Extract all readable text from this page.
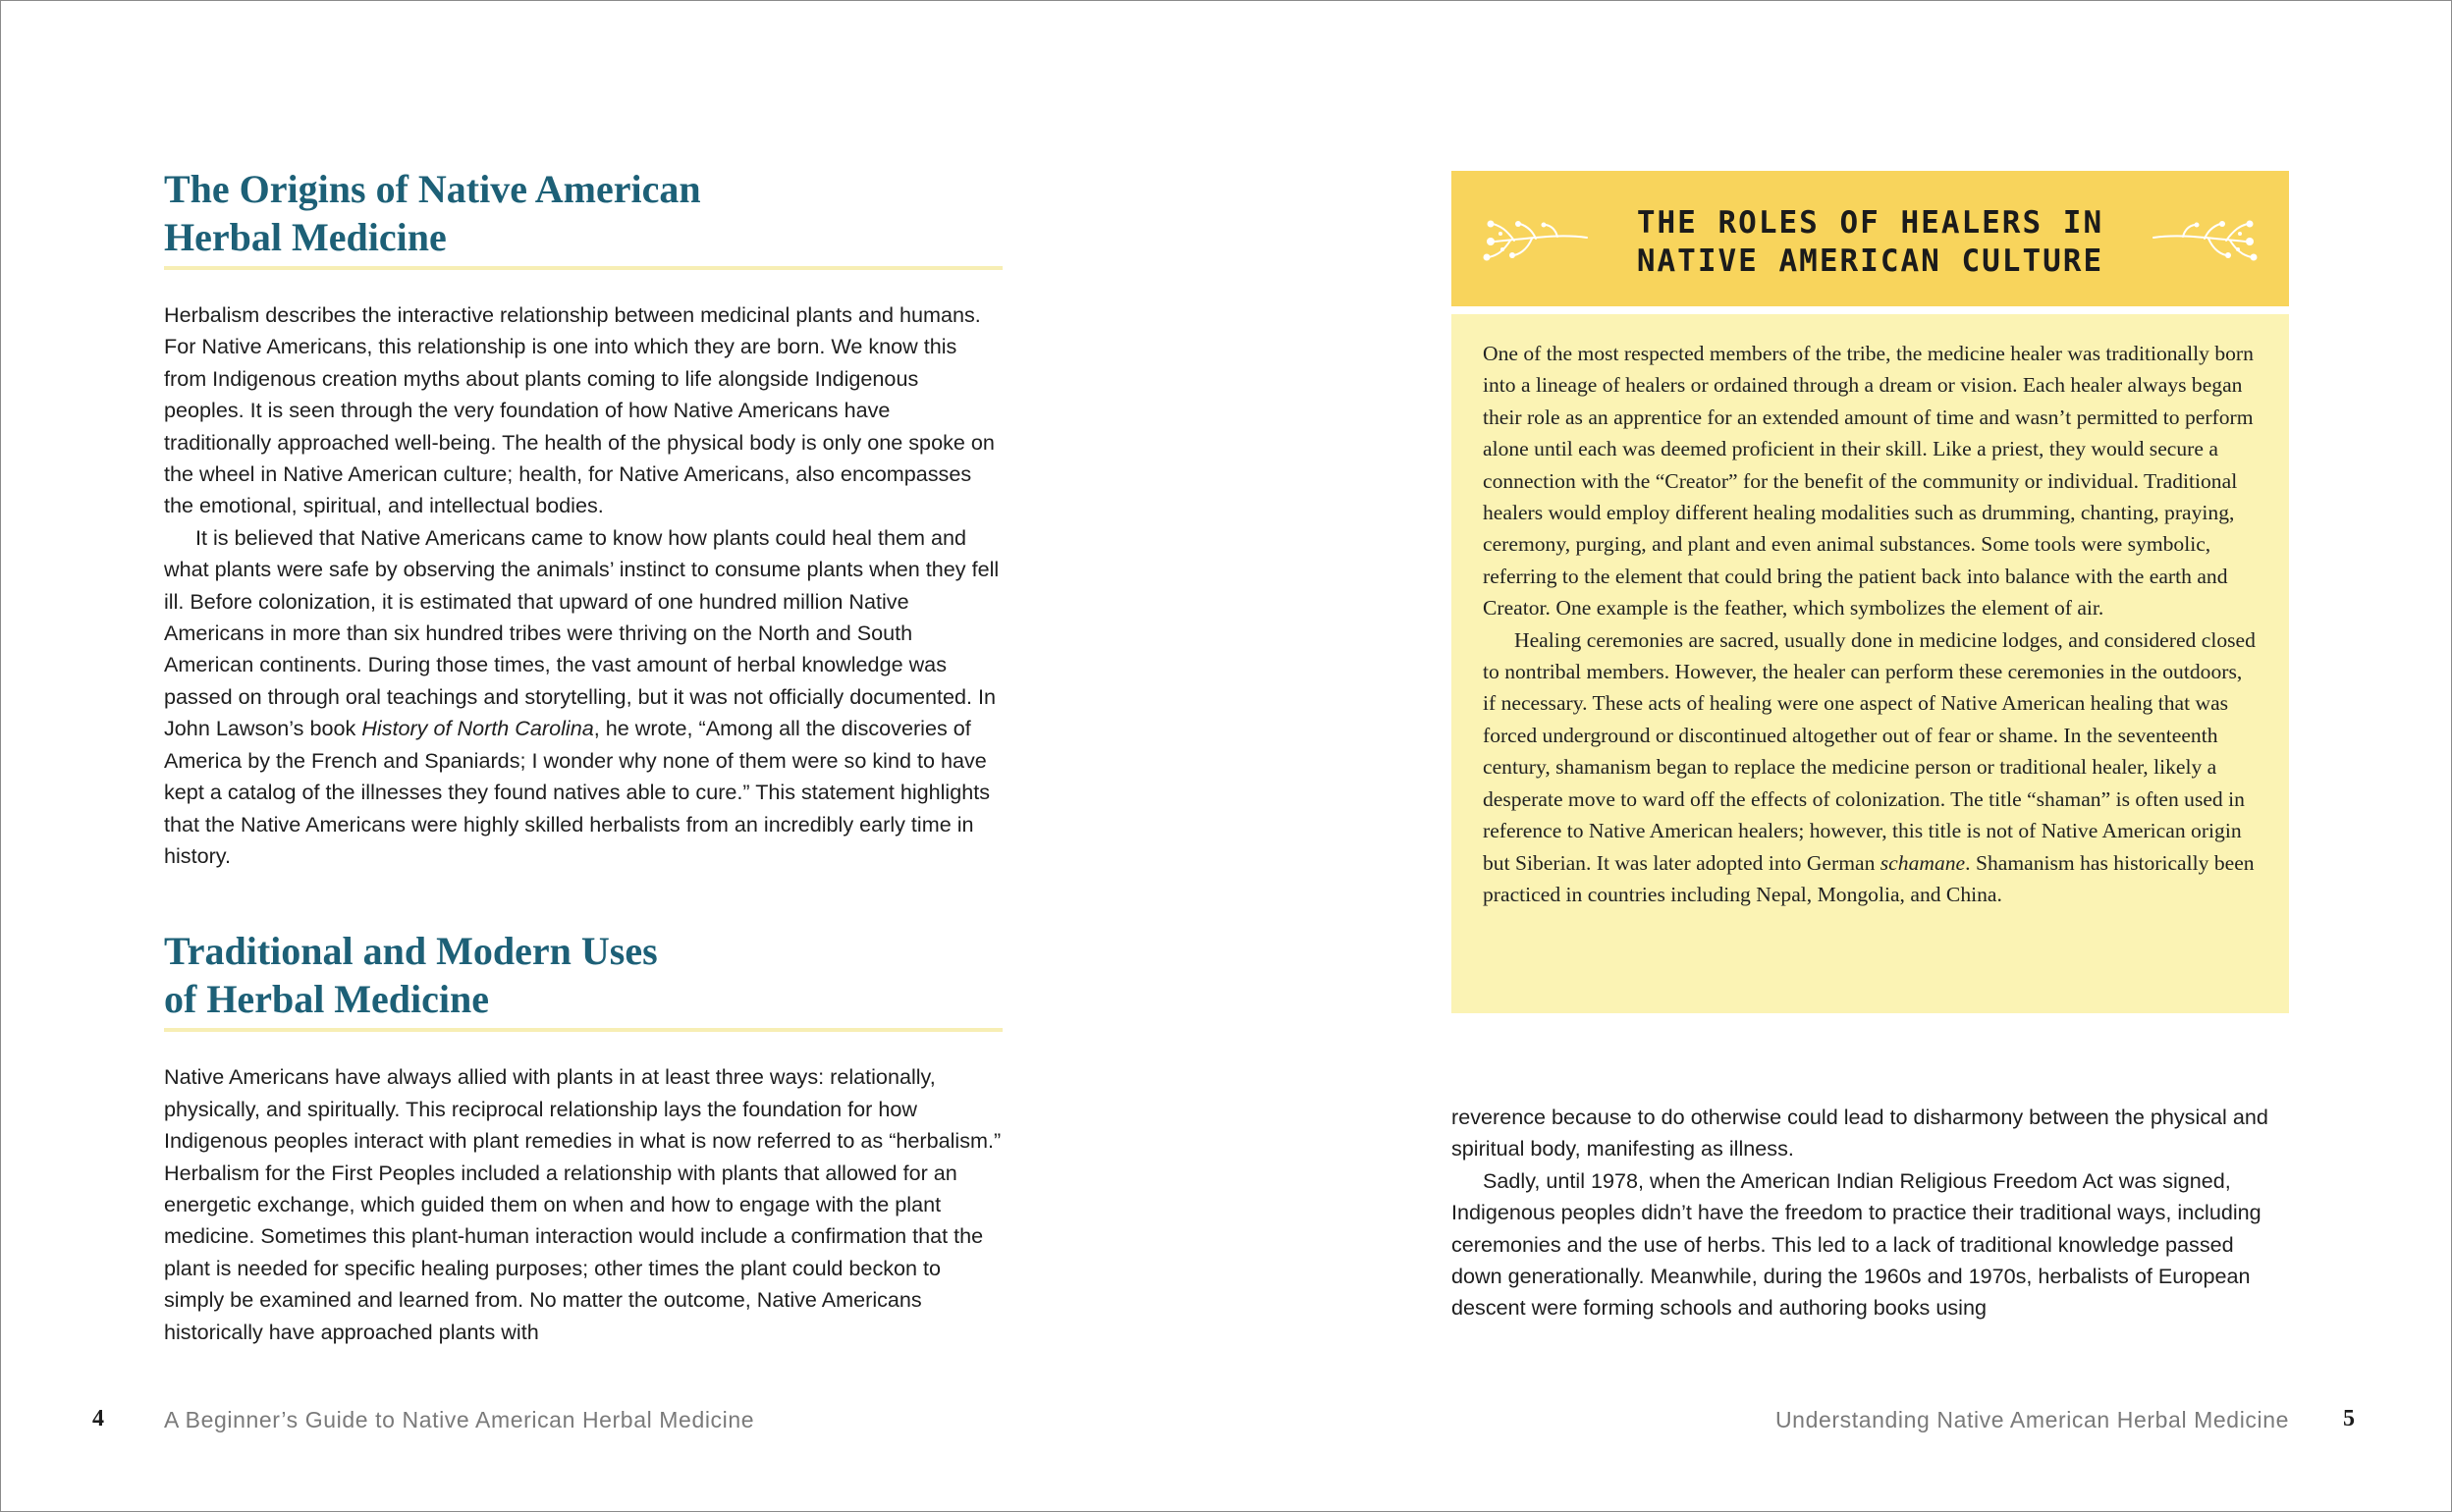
The Origins of Native American
Herbal Medicine

Herbalism describes the interactive relationship between medicinal plants and humans. For Native Americans, this relationship is one into which they are born. We know this from Indigenous creation myths about plants coming to life alongside Indigenous peoples. It is seen through the very foundation of how Native Americans have traditionally approached well-being. The health of the physical body is only one spoke on the wheel in Native American culture; health, for Native Americans, also encompasses the emotional, spiritual, and intellectual bodies.

It is believed that Native Americans came to know how plants could heal them and what plants were safe by observing the animals’ instinct to consume plants when they fell ill. Before colonization, it is estimated that upward of one hundred million Native Americans in more than six hundred tribes were thriving on the North and South American continents. During those times, the vast amount of herbal knowledge was passed on through oral teachings and storytelling, but it was not officially documented. In John Lawson’s book History of North Carolina, he wrote, “Among all the discoveries of America by the French and Spaniards; I wonder why none of them were so kind to have kept a catalog of the illnesses they found natives able to cure.” This statement highlights that the Native Americans were highly skilled herbalists from an incredibly early time in history.

Traditional and Modern Uses
of Herbal Medicine

Native Americans have always allied with plants in at least three ways: relationally, physically, and spiritually. This reciprocal relationship lays the foundation for how Indigenous peoples interact with plant remedies in what is now referred to as “herbalism.” Herbalism for the First Peoples included a relationship with plants that allowed for an energetic exchange, which guided them on when and how to engage with the plant medicine. Sometimes this plant-human interaction would include a confirmation that the plant is needed for specific healing purposes; other times the plant could beckon to simply be examined and learned from. No matter the outcome, Native Americans historically have approached plants with

THE ROLES OF HEALERS IN
NATIVE AMERICAN CULTURE

One of the most respected members of the tribe, the medicine healer was traditionally born into a lineage of healers or ordained through a dream or vision. Each healer always began their role as an apprentice for an extended amount of time and wasn’t permitted to perform alone until each was deemed proficient in their skill. Like a priest, they would secure a connection with the “Creator” for the benefit of the community or individual. Traditional healers would employ different healing modalities such as drumming, chanting, praying, ceremony, purging, and plant and even animal substances. Some tools were symbolic, referring to the element that could bring the patient back into balance with the earth and Creator. One example is the feather, which symbolizes the element of air.

Healing ceremonies are sacred, usually done in medicine lodges, and considered closed to nontribal members. However, the healer can perform these ceremonies in the outdoors, if necessary. These acts of healing were one aspect of Native American healing that was forced underground or discontinued altogether out of fear or shame. In the seventeenth century, shamanism began to replace the medicine person or traditional healer, likely a desperate move to ward off the effects of colonization. The title “shaman” is often used in reference to Native American healers; however, this title is not of Native American origin but Siberian. It was later adopted into German schamane. Shamanism has historically been practiced in countries including Nepal, Mongolia, and China.

reverence because to do otherwise could lead to disharmony between the physical and spiritual body, manifesting as illness.

Sadly, until 1978, when the American Indian Religious Freedom Act was signed, Indigenous peoples didn’t have the freedom to practice their traditional ways, including ceremonies and the use of herbs. This led to a lack of traditional knowledge passed down generationally. Meanwhile, during the 1960s and 1970s, herbalists of European descent were forming schools and authoring books using

4	A Beginner’s Guide to Native American Herbal Medicine	Understanding Native American Herbal Medicine 5
